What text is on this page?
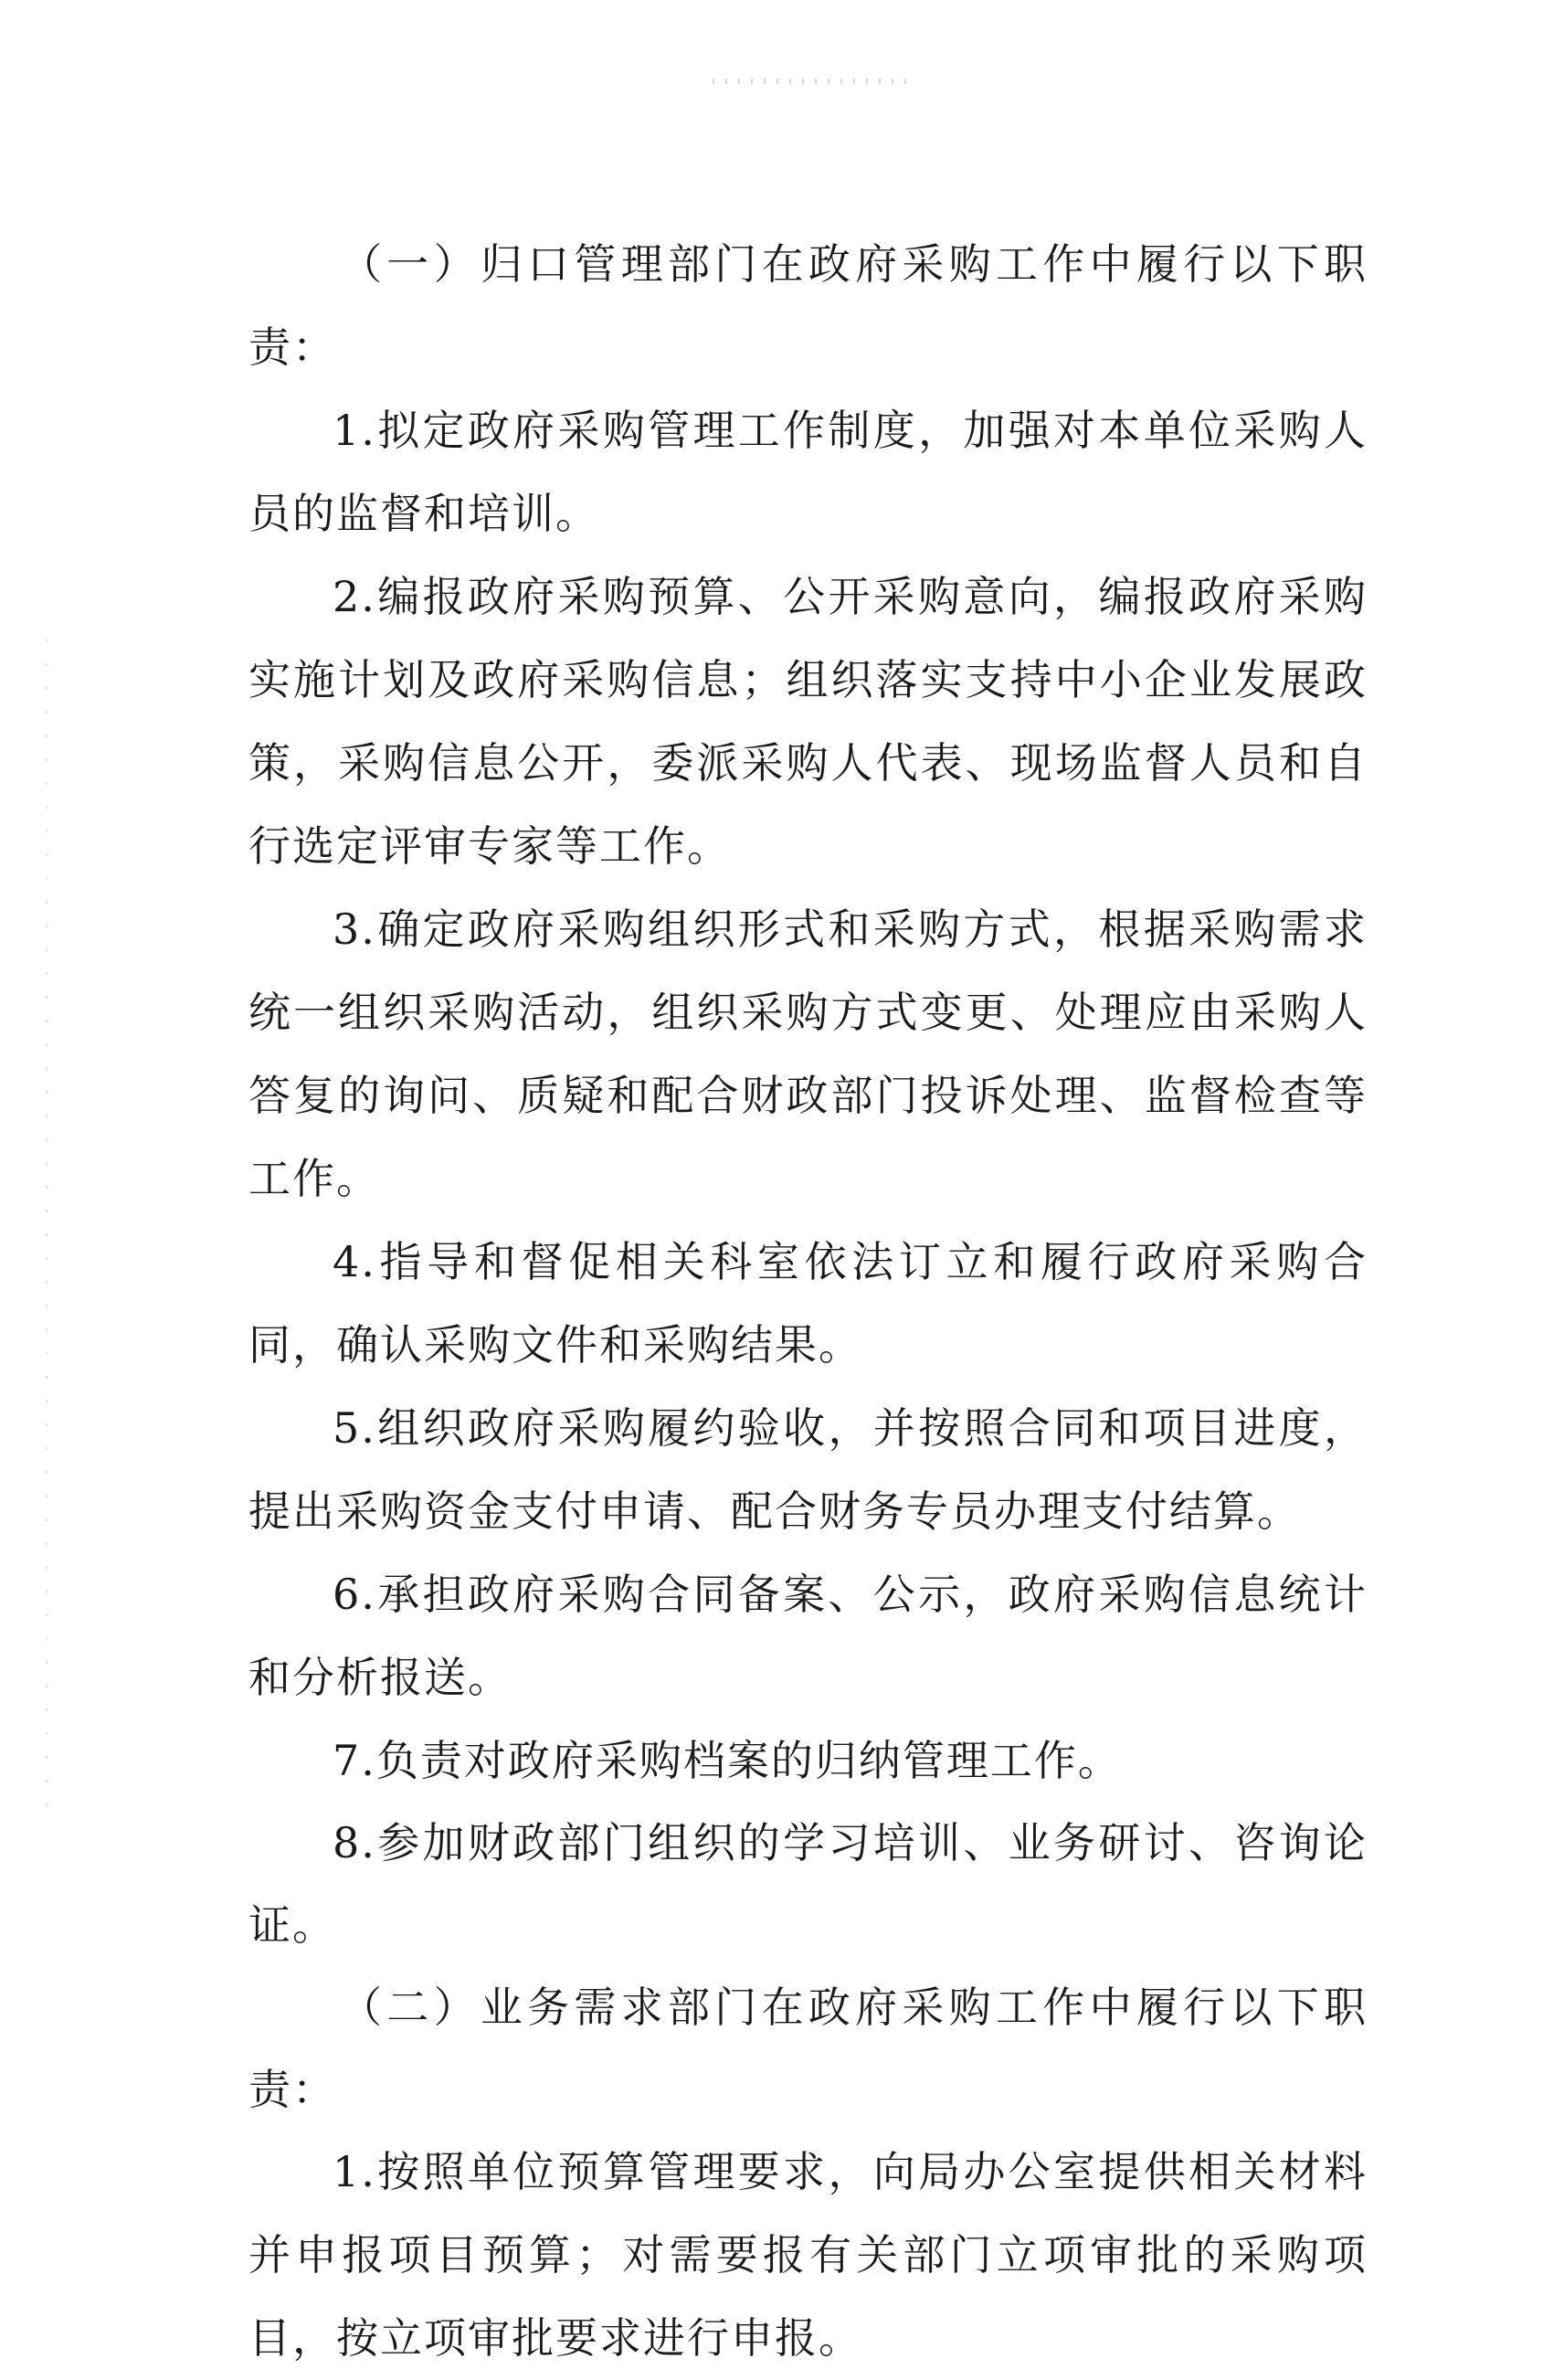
（一）归口管理部门在政府采购工作中履行以下职责：

1.拟定政府采购管理工作制度，加强对本单位采购人员的监督和培训。

2.编报政府采购预算、公开采购意向，编报政府采购实施计划及政府采购信息；组织落实支持中小企业发展政策，采购信息公开，委派采购人代表、现场监督人员和自行选定评审专家等工作。

3.确定政府采购组织形式和采购方式，根据采购需求统一组织采购活动，组织采购方式变更、处理应由采购人答复的询问、质疑和配合财政部门投诉处理、监督检查等工作。

4.指导和督促相关科室依法订立和履行政府采购合同，确认采购文件和采购结果。

5.组织政府采购履约验收，并按照合同和项目进度，提出采购资金支付申请、配合财务专员办理支付结算。

6.承担政府采购合同备案、公示，政府采购信息统计和分析报送。

7.负责对政府采购档案的归纳管理工作。

8.参加财政部门组织的学习培训、业务研讨、咨询论证。

（二）业务需求部门在政府采购工作中履行以下职责：

1.按照单位预算管理要求，向局办公室提供相关材料并申报项目预算；对需要报有关部门立项审批的采购项目，按立项审批要求进行申报。
